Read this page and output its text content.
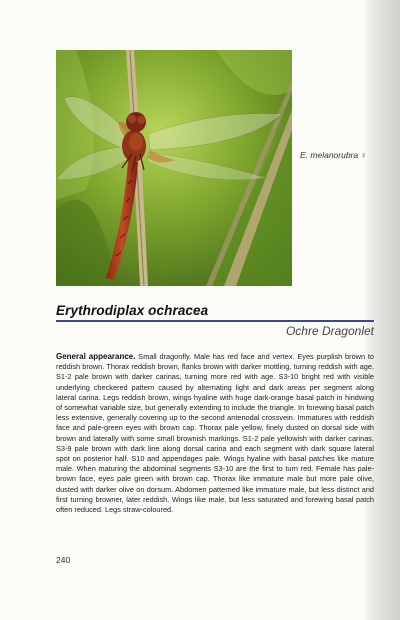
E. melanorubra ♀
Erythrodiplax ochracea
Ochre Dragonlet

General appearance. Small dragonfly. Male has red face and vertex. Eyes purplish brown to reddish brown. Thorax reddish brown, flanks brown with darker mottling, turning reddish with age. S1-2 pale brown with darker carinas, turning more red with age. S3-10 bright red with visible underlying checkered pattern caused by alternating light and dark areas per segment along lateral carina. Legs reddish brown, wings hyaline with huge dark-orange basal patch in hindwing of somewhat variable size, but generally extending to include the triangle. In forewing basal patch less extensive, generally covering up to the second antenodal crossvein. Immatures with reddish face and pale-green eyes with brown cap. Thorax pale yellow, finely dusted on dorsal side with brown and laterally with some small brownish markings. S1-2 pale yellowish with darker carinas. S3-9 pale brown with dark line along dorsal carina and each segment with dark square lateral spot on posterior half. S10 and appendages pale. Wings hyaline with basal patches like mature male. When maturing the abdominal segments S3-10 are the first to turn red. Female has pale-brown face, eyes pale green with brown cap. Thorax like immature male but more pale olive, dusted with darker olive on dorsum. Abdomen patterned like immature male, but less distinct and first turning browner, later reddish. Wings like male, but less saturated and forewing basal patch often reduced. Legs straw-coloured.

240
